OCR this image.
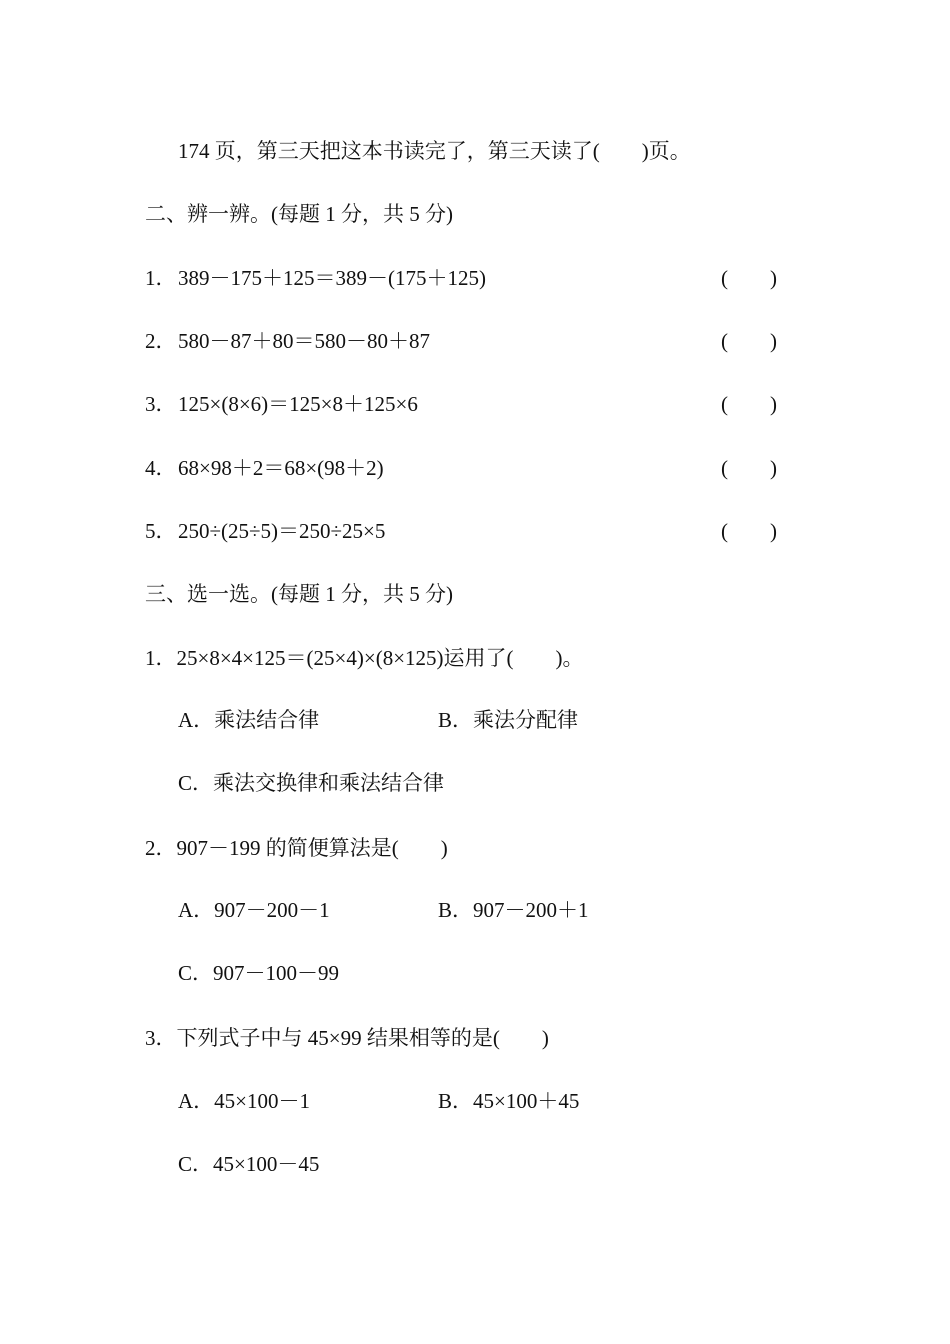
174 页，第三天把这本书读完了，第三天读了(　　)页。
二、辨一辨。(每题 1 分，共 5 分)
1． 389－175＋125＝389－(175＋125)	(　　)
2． 580－87＋80＝580－80＋87	(　　)
3． 125×(8×6)＝125×8＋125×6	(　　)
4． 68×98＋2＝68×(98＋2)	(　　)
5． 250÷(25÷5)＝250÷25×5	(　　)
三、选一选。(每题 1 分，共 5 分)
1．25×8×4×125＝(25×4)×(8×125)运用了(　　)。
A．乘法结合律	B．乘法分配律
C．乘法交换律和乘法结合律
2．907－199 的简便算法是(　　)
A．907－200－1	B．907－200＋1
C．907－100－99
3．下列式子中与 45×99 结果相等的是(　　)
A．45×100－1	B．45×100＋45
C．45×100－45
